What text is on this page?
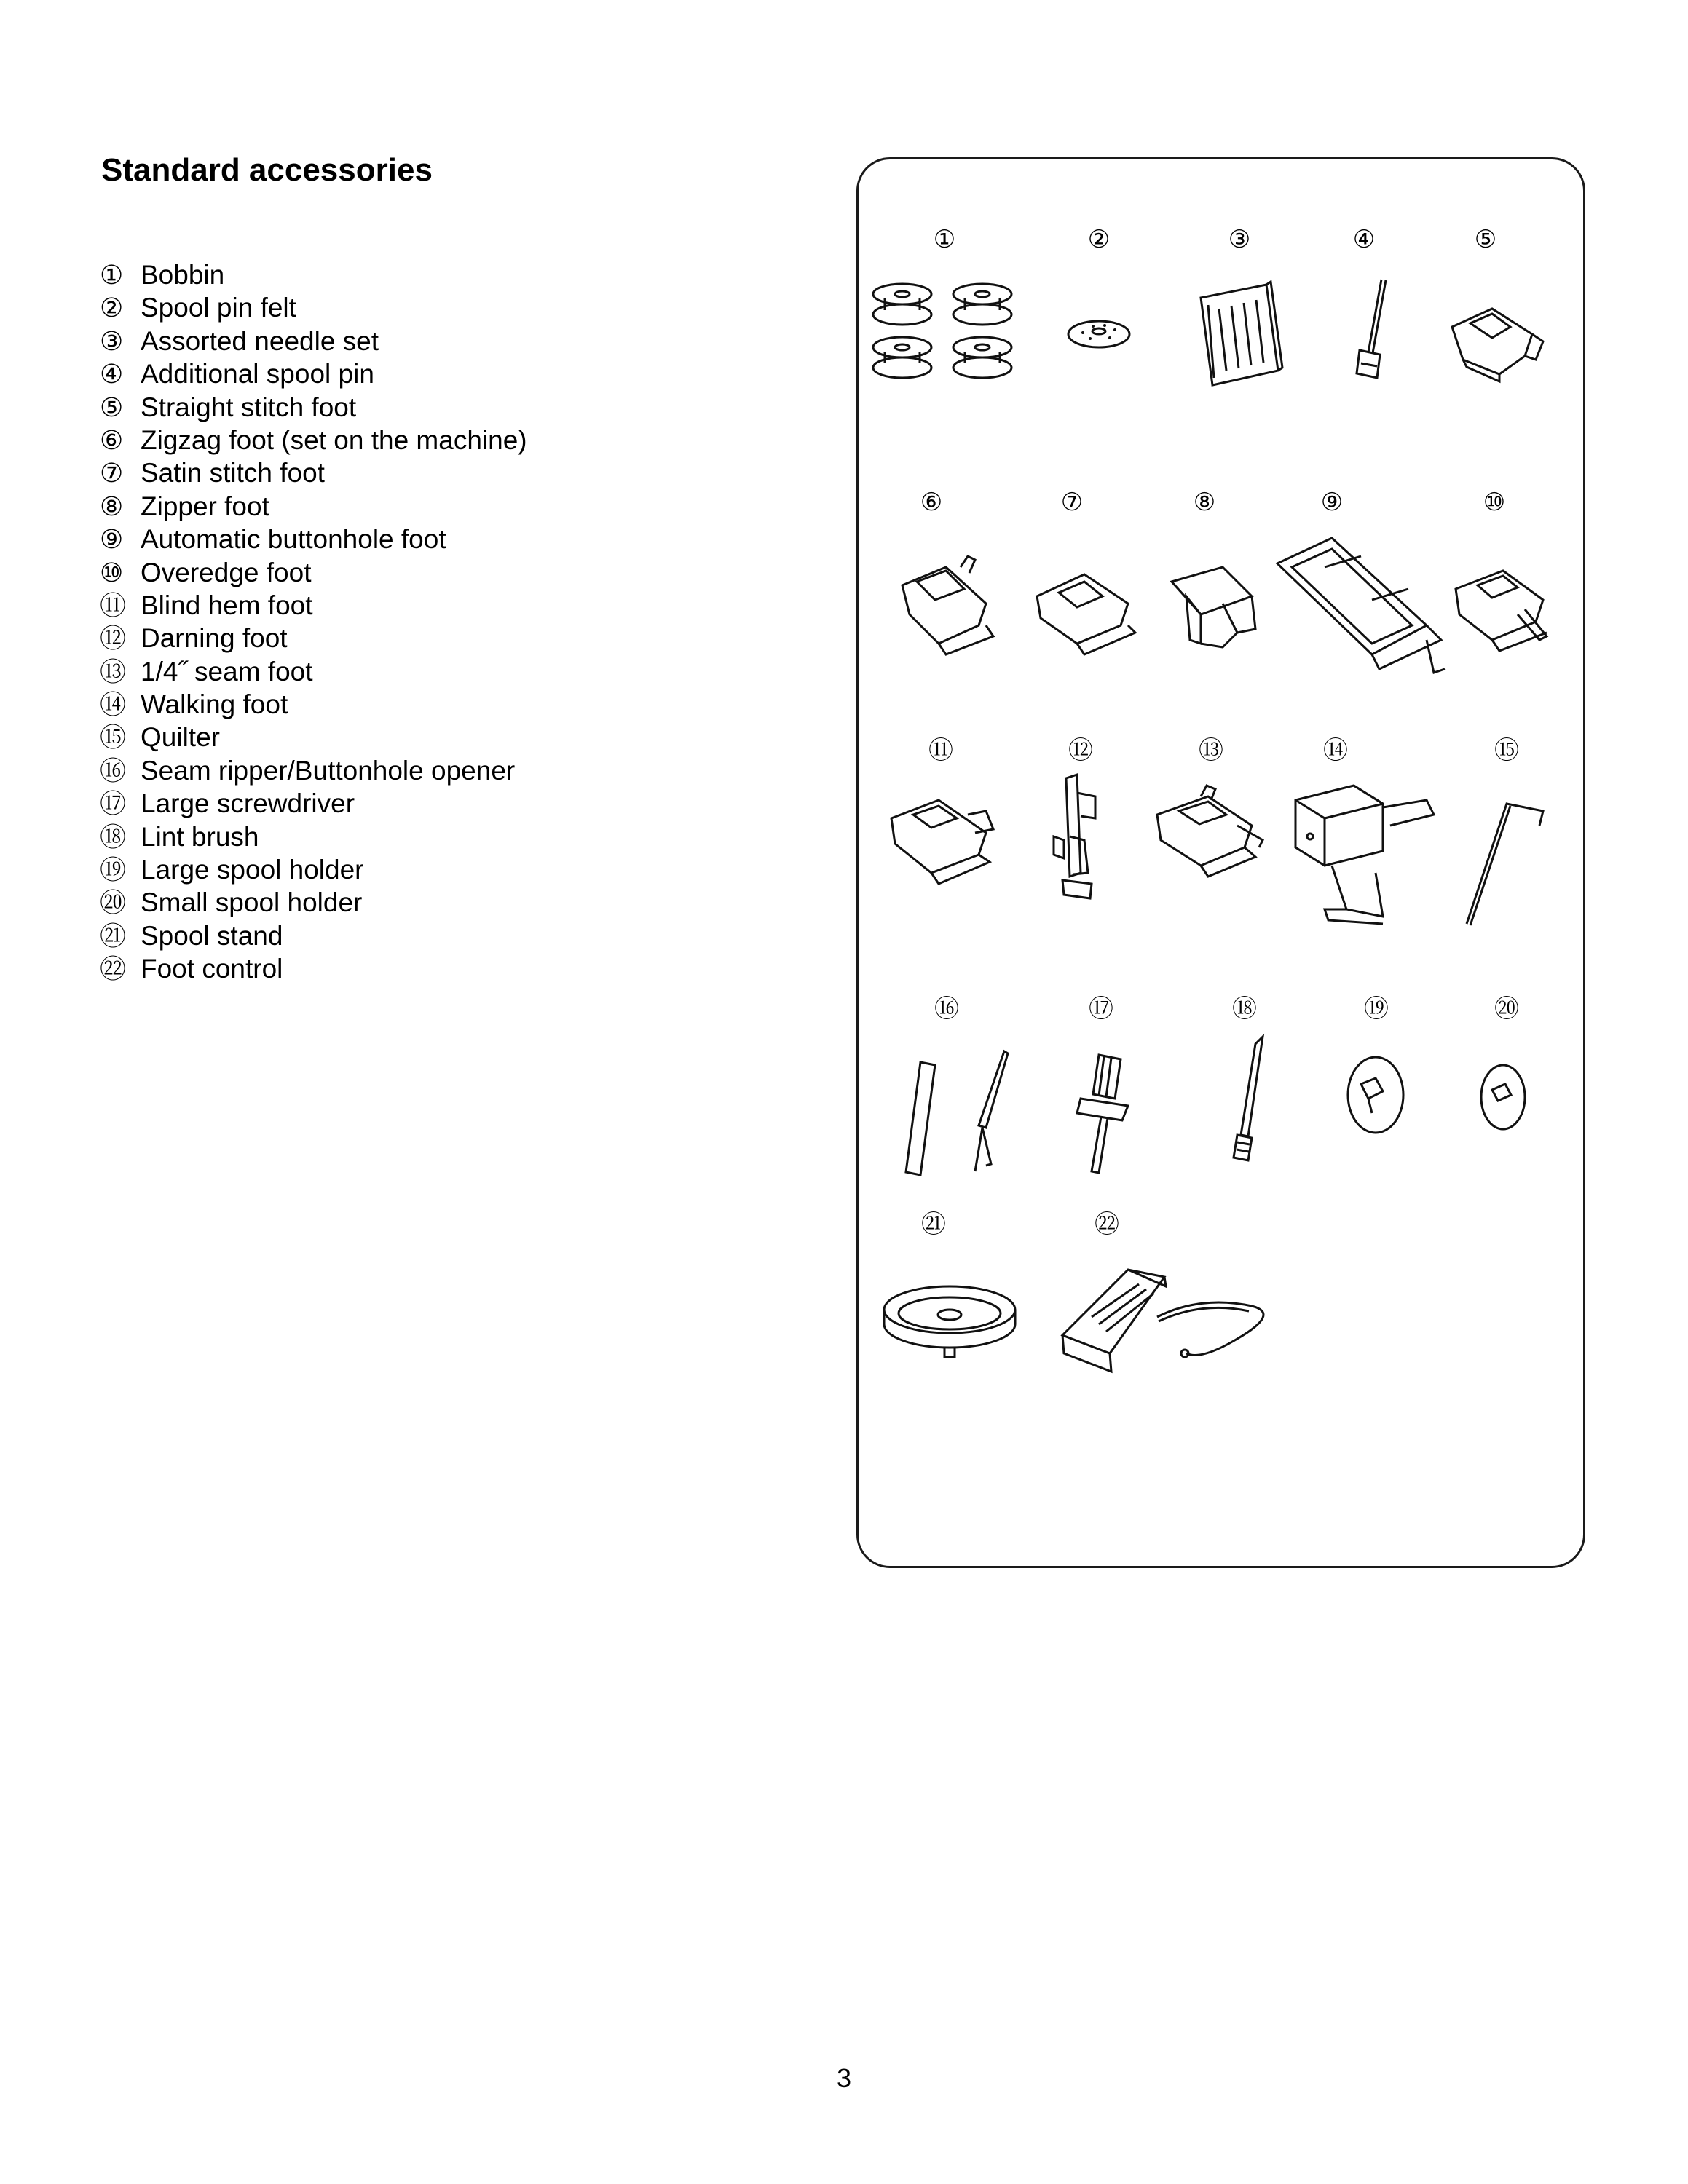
Standard accessories
① Bobbin
② Spool pin felt
③ Assorted needle set
④ Additional spool pin
⑤ Straight stitch foot
⑥ Zigzag foot (set on the machine)
⑦ Satin stitch foot
⑧ Zipper foot
⑨ Automatic buttonhole foot
⑩ Overedge foot
⑪ Blind hem foot
⑫ Darning foot
⑬ 1/4˝ seam foot
⑭ Walking foot
⑮ Quilter
⑯ Seam ripper/Buttonhole opener
⑰ Large screwdriver
⑱ Lint brush
⑲ Large spool holder
⑳ Small spool holder
㉑ Spool stand
㉒ Foot control
①	②	③	④	⑤
⑥	⑦	⑧	⑨	⑩
⑪	⑫	⑬	⑭	⑮
⑯	⑰	⑱	⑲	⑳
㉑	㉒
3
